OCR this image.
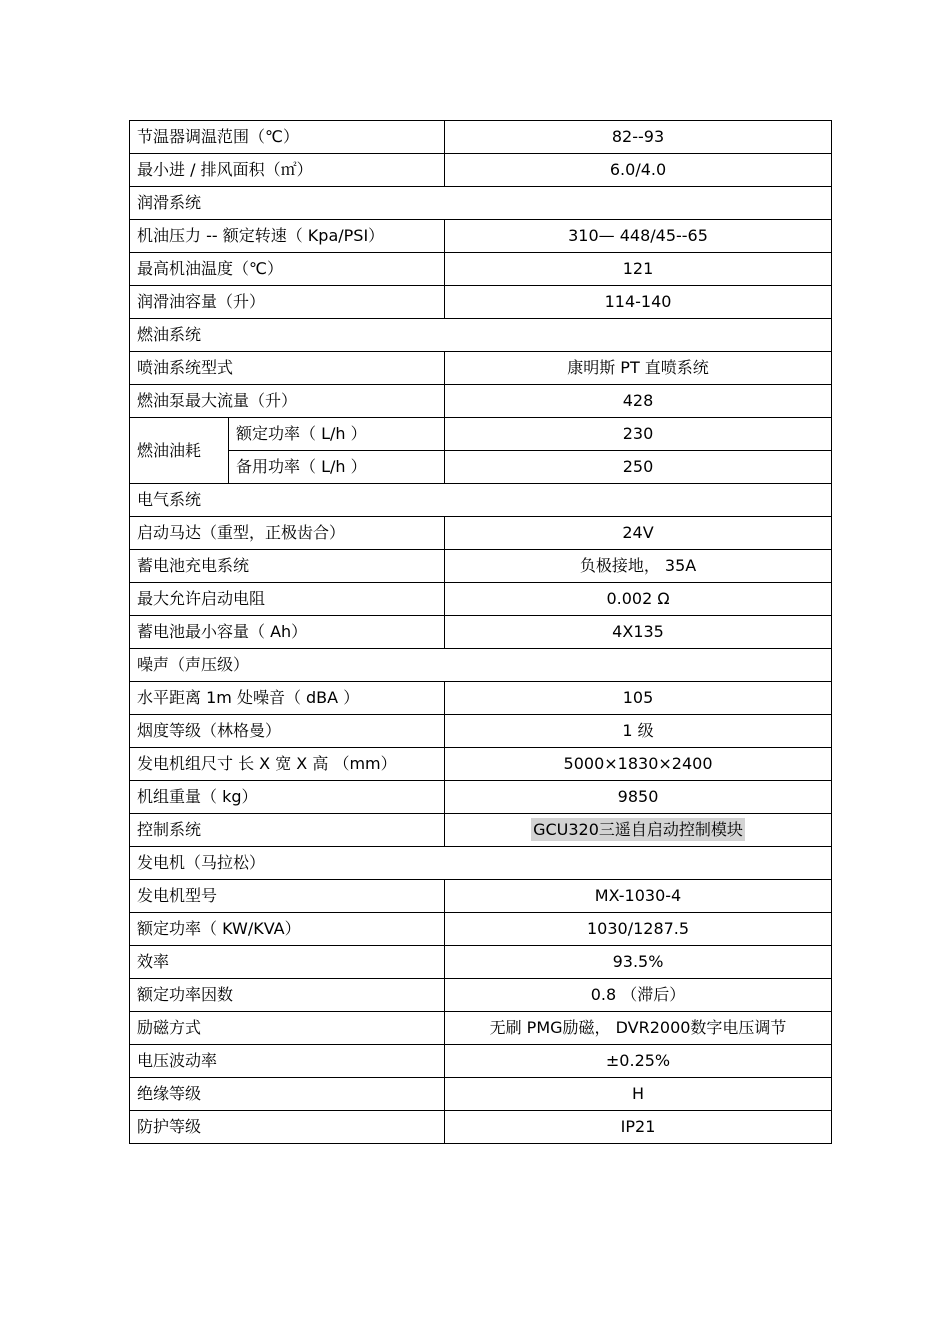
节温器调温范围（℃）		82--93
最小进 / 排风面积（㎡）		6.0/4.0
润滑系统		
机油压力 -- 额定转速（ Kpa/PSI）		310— 448/45--65
最高机油温度（℃）		121
润滑油容量（升）		114-140
燃油系统		
喷油系统型式		康明斯 PT 直喷系统
燃油泵最大流量（升）		428
燃油油耗	额定功率（ L/h ）	230
	备用功率（ L/h ）	250
电气系统		
启动马达（重型，正极齿合）		24V
蓄电池充电系统		负极接地， 35A
最大允许启动电阻		0.002 Ω
蓄电池最小容量（ Ah）		4X135
噪声（声压级）		
水平距离 1m 处噪音（ dBA ）		105
烟度等级（林格曼）		1 级
发电机组尺寸 长 X 宽 X 高 （mm）		5000×1830×2400
机组重量（ kg）		9850
控制系统		GCU320三遥自启动控制模块
发电机（马拉松）		
发电机型号		MX-1030-4
额定功率（ KW/KVA）		1030/1287.5
效率		93.5%
额定功率因数		0.8 （滞后）
励磁方式		无刷 PMG励磁， DVR2000数字电压调节
电压波动率		±0.25%
绝缘等级		H
防护等级		IP21
